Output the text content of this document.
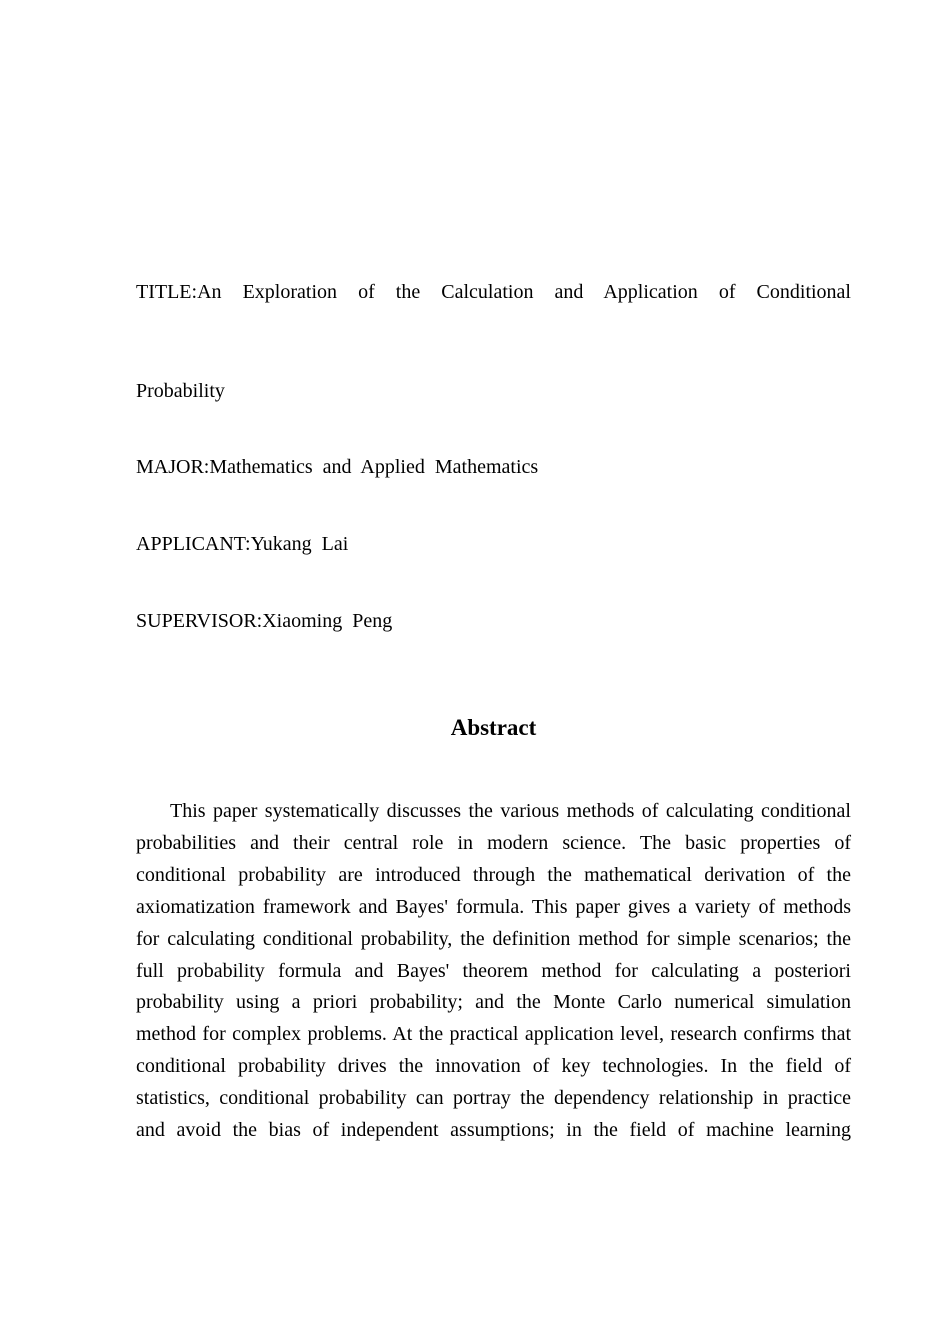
TITLE:An Exploration of the Calculation and Application of Conditional
Probability
MAJOR:Mathematics  and  Applied  Mathematics
APPLICANT:Yukang  Lai
SUPERVISOR:Xiaoming  Peng
Abstract

This paper systematically discusses the various methods of calculating conditional probabilities and their central role in modern science. The basic properties of conditional probability are introduced through the mathematical derivation of the axiomatization framework and Bayes' formula. This paper gives a variety of methods for calculating conditional probability, the definition method for simple scenarios; the full probability formula and Bayes' theorem method for calculating a posteriori probability using a priori probability; and the Monte Carlo numerical simulation method for complex problems. At the practical application level, research confirms that conditional probability drives the innovation of key technologies. In the field of statistics, conditional probability can portray the dependency relationship in practice and avoid the bias of independent assumptions; in the field of machine learning
